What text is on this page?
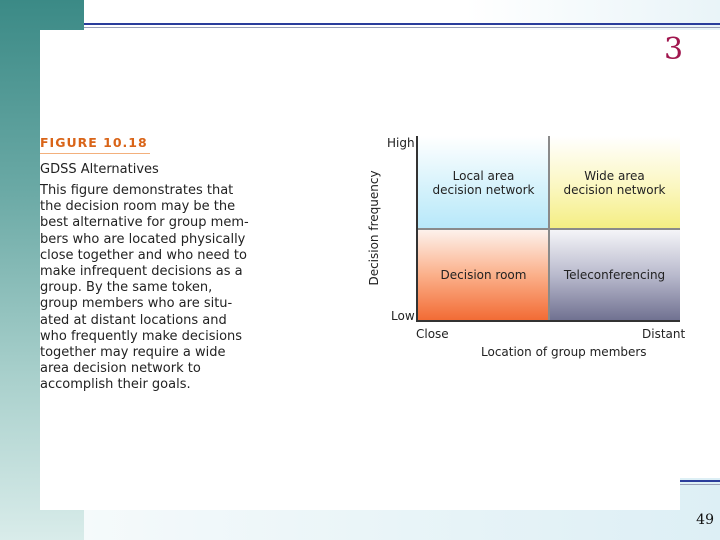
3
49
FIGURE 10.18
GDSS Alternatives
This figure demonstrates that
the decision room may be the
best alternative for group mem-
bers who are located physically
close together and who need to
make infrequent decisions as a
group. By the same token,
group members who are situ-
ated at distant locations and
who frequently make decisions
together may require a wide
area decision network to
accomplish their goals.
Local area
decision network
Wide area
decision network
Decision room	Teleconferencing
High
Low
Close	Distant
Decision frequency
Location of group members
